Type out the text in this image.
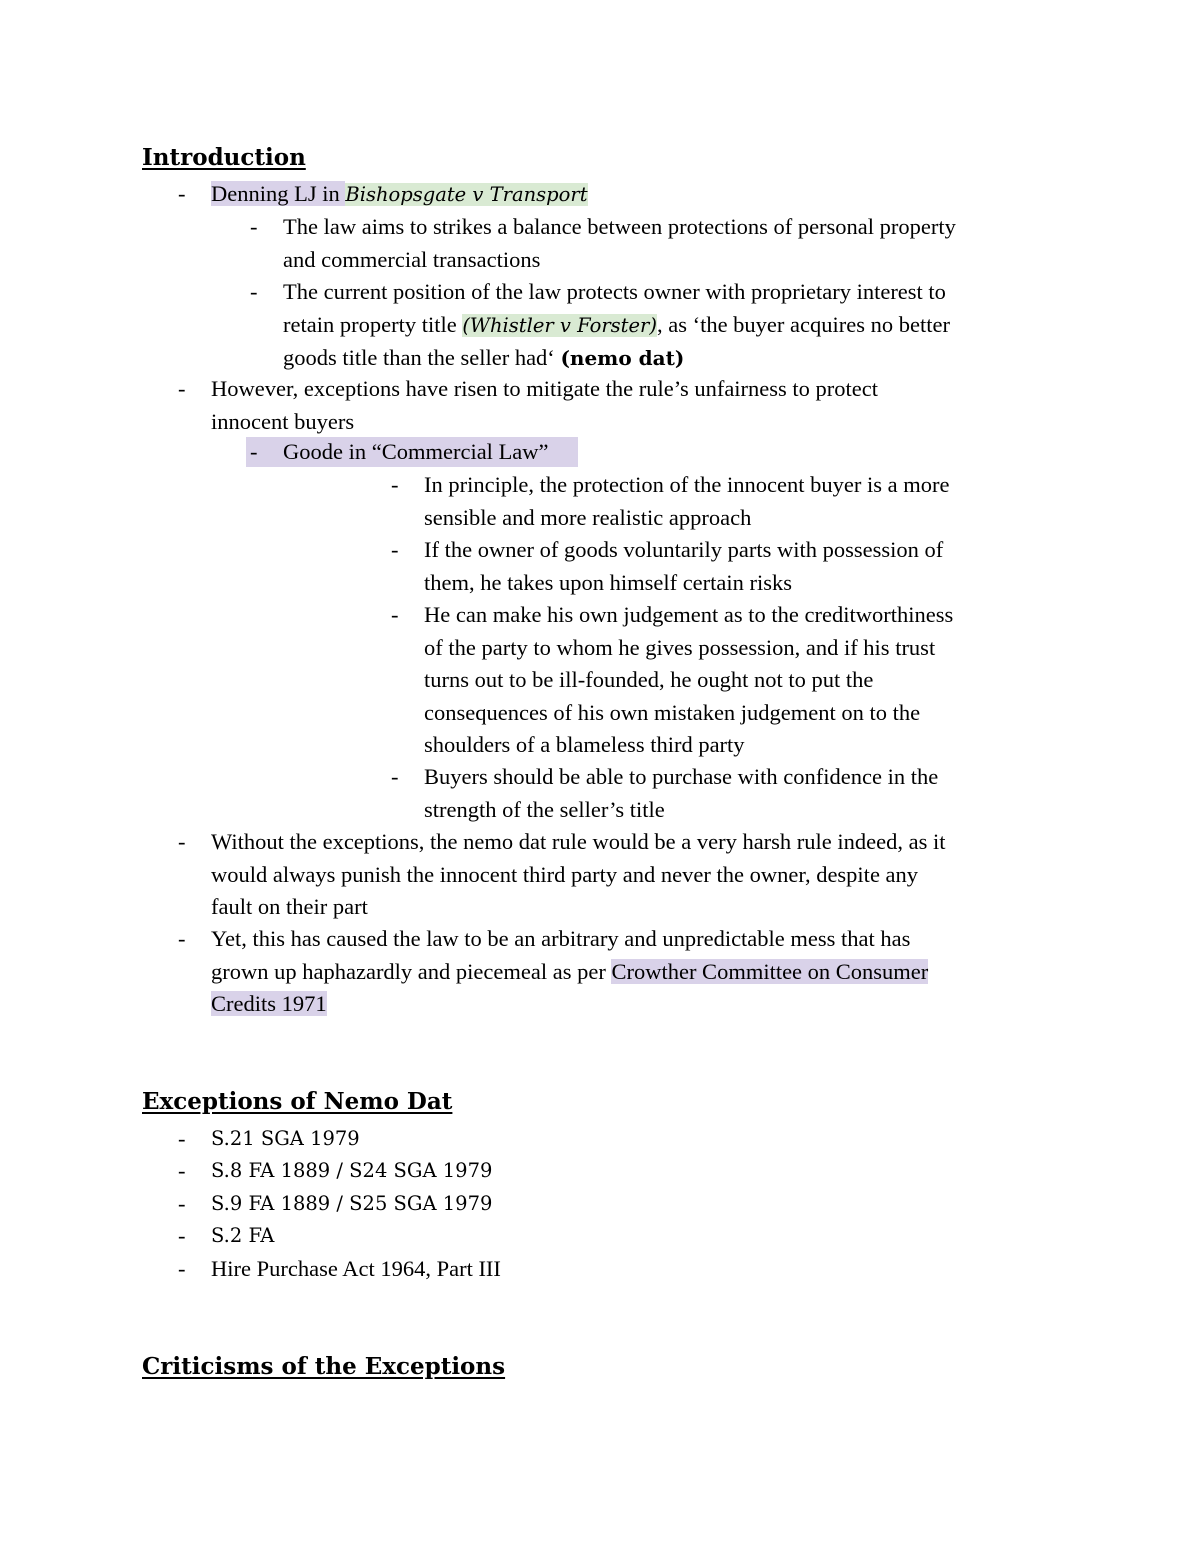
Introduction
- Denning LJ in Bishopsgate v Transport
- The law aims to strikes a balance between protections of personal property
and commercial transactions
- The current position of the law protects owner with proprietary interest to
retain property title (Whistler v Forster), as ‘the buyer acquires no better
goods title than the seller had‘ (nemo dat)
- However, exceptions have risen to mitigate the rule’s unfairness to protect
innocent buyers
- Goode in “Commercial Law”
- In principle, the protection of the innocent buyer is a more
sensible and more realistic approach
- If the owner of goods voluntarily parts with possession of
them, he takes upon himself certain risks
- He can make his own judgement as to the creditworthiness
of the party to whom he gives possession, and if his trust
turns out to be ill-founded, he ought not to put the
consequences of his own mistaken judgement on to the
shoulders of a blameless third party
- Buyers should be able to purchase with confidence in the
strength of the seller’s title
- Without the exceptions, the nemo dat rule would be a very harsh rule indeed, as it
would always punish the innocent third party and never the owner, despite any
fault on their part
- Yet, this has caused the law to be an arbitrary and unpredictable mess that has
grown up haphazardly and piecemeal as per Crowther Committee on Consumer
Credits 1971
Exceptions of Nemo Dat
- S.21 SGA 1979
- S.8 FA 1889 / S24 SGA 1979
- S.9 FA 1889 / S25 SGA 1979
- S.2 FA
- Hire Purchase Act 1964, Part III
Criticisms of the Exceptions
